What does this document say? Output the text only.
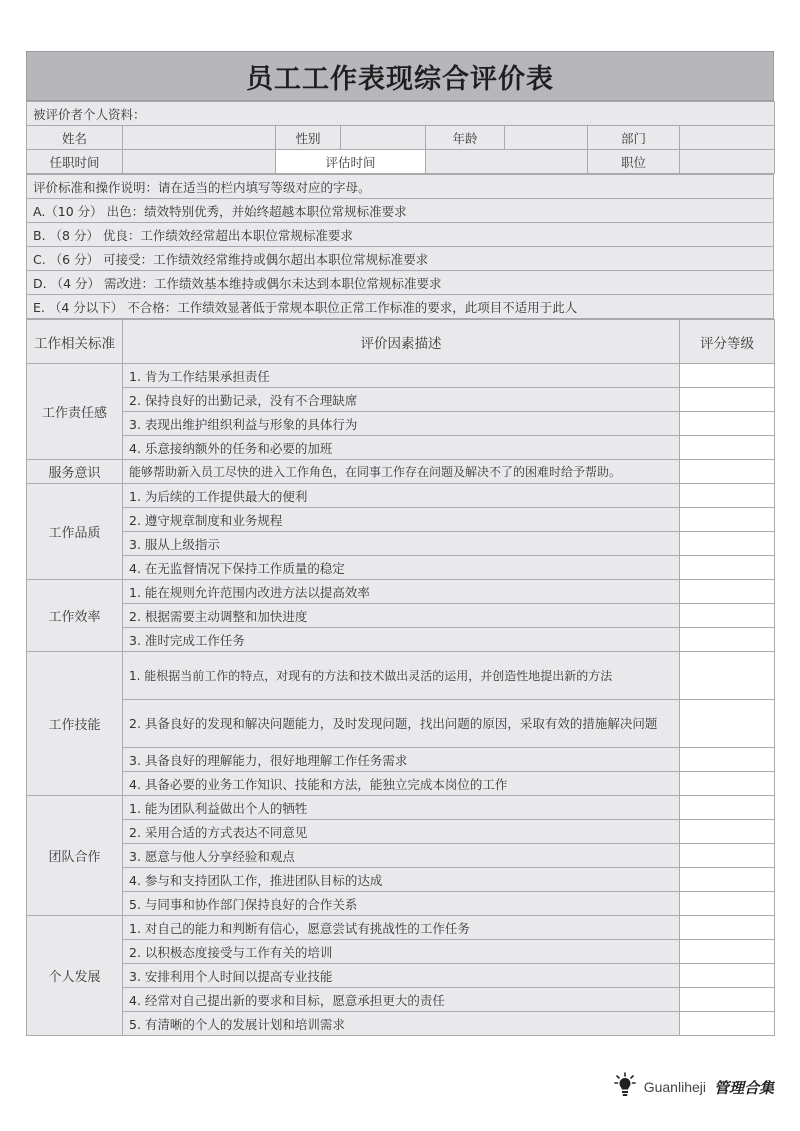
员工工作表现综合评价表
被评价者个人资料：							
姓名		性别		年龄		部门	
任职时间		评估时间				职位	
评价标准和操作说明：请在适当的栏内填写等级对应的字母。
A.（10 分） 出色：绩效特别优秀，并始终超越本职位常规标准要求
B. （8 分） 优良：工作绩效经常超出本职位常规标准要求
C. （6 分） 可接受：工作绩效经常维持或偶尔超出本职位常规标准要求
D. （4 分） 需改进：工作绩效基本维持或偶尔未达到本职位常规标准要求
E. （4 分以下） 不合格：工作绩效显著低于常规本职位正常工作标准的要求，此项目不适用于此人
工作相关标准	评价因素描述	评分等级
工作责任感	1. 肯为工作结果承担责任	
	2. 保持良好的出勤记录，没有不合理缺席	
	3. 表现出维护组织利益与形象的具体行为	
	4. 乐意接纳额外的任务和必要的加班	
服务意识	能够帮助新入员工尽快的进入工作角色，在同事工作存在问题及解决不了的困难时给予帮助。	
工作品质	1. 为后续的工作提供最大的便利	
	2. 遵守规章制度和业务规程	
	3. 服从上级指示	
	4. 在无监督情况下保持工作质量的稳定	
工作效率	1. 能在规则允许范围内改进方法以提高效率	
	2. 根据需要主动调整和加快进度	
	3. 准时完成工作任务	
工作技能	1. 能根据当前工作的特点，对现有的方法和技术做出灵活的运用，并创造性地提出新的方法	
	2. 具备良好的发现和解决问题能力，及时发现问题，找出问题的原因，采取有效的措施解决问题	
	3. 具备良好的理解能力，很好地理解工作任务需求	
	4. 具备必要的业务工作知识、技能和方法，能独立完成本岗位的工作	
团队合作	1. 能为团队利益做出个人的牺牲	
	2. 采用合适的方式表达不同意见	
	3. 愿意与他人分享经验和观点	
	4. 参与和支持团队工作，推进团队目标的达成	
	5. 与同事和协作部门保持良好的合作关系	
个人发展	1. 对自己的能力和判断有信心，愿意尝试有挑战性的工作任务	
	2. 以积极态度接受与工作有关的培训	
	3. 安排利用个人时间以提高专业技能	
	4. 经常对自己提出新的要求和目标，愿意承担更大的责任	
	5. 有清晰的个人的发展计划和培训需求	
Guanliheji 管理合集
